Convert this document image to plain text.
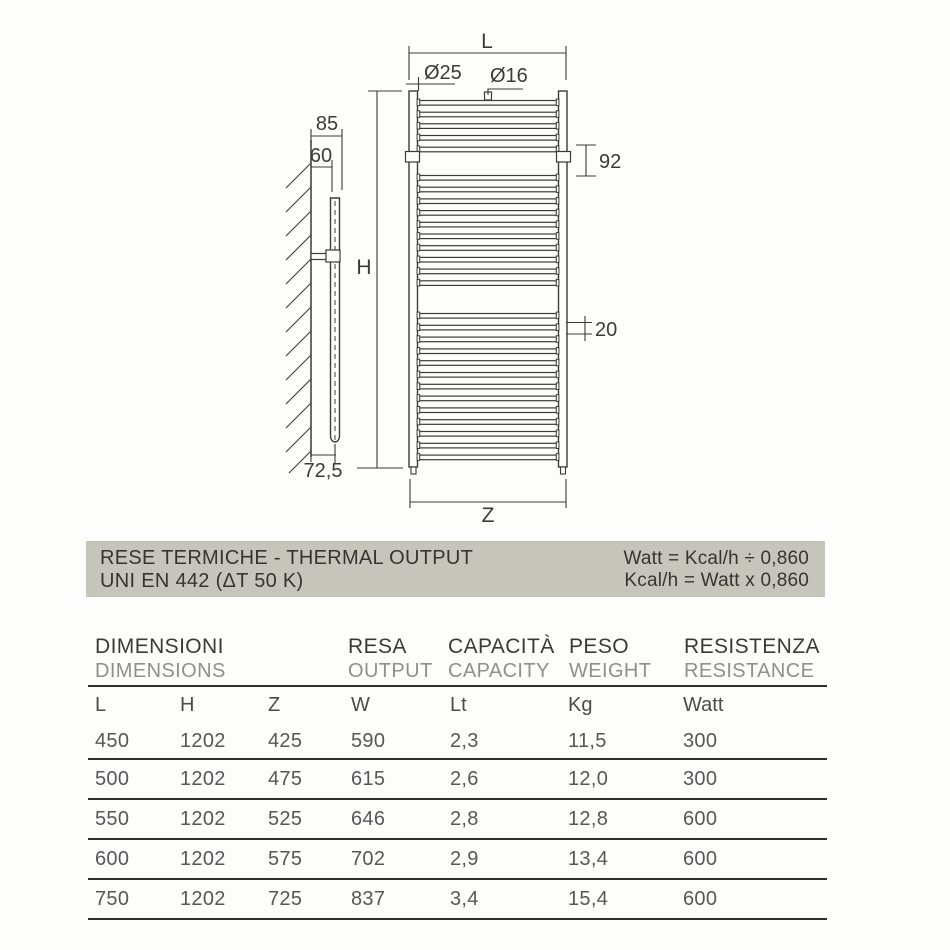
L
Ø25 Ø16
92
20
H
Z
85
60
72,5
RESE TERMICHE - THERMAL OUTPUT
UNI EN 442 (ΔT 50 K)
Watt = Kcal/h ÷ 0,860
Kcal/h = Watt x 0,860
DIMENSIONI
DIMENSIONS
RESA
OUTPUT
CAPACITÀ
CAPACITY
PESO
WEIGHT
RESISTENZA
RESISTANCE
L	H	Z	W	Lt	Kg	Watt
450	1202	425	590	2,3	11,5	300
500	1202	475	615	2,6	12,0	300
550	1202	525	646	2,8	12,8	600
600	1202	575	702	2,9	13,4	600
750	1202	725	837	3,4	15,4	600
